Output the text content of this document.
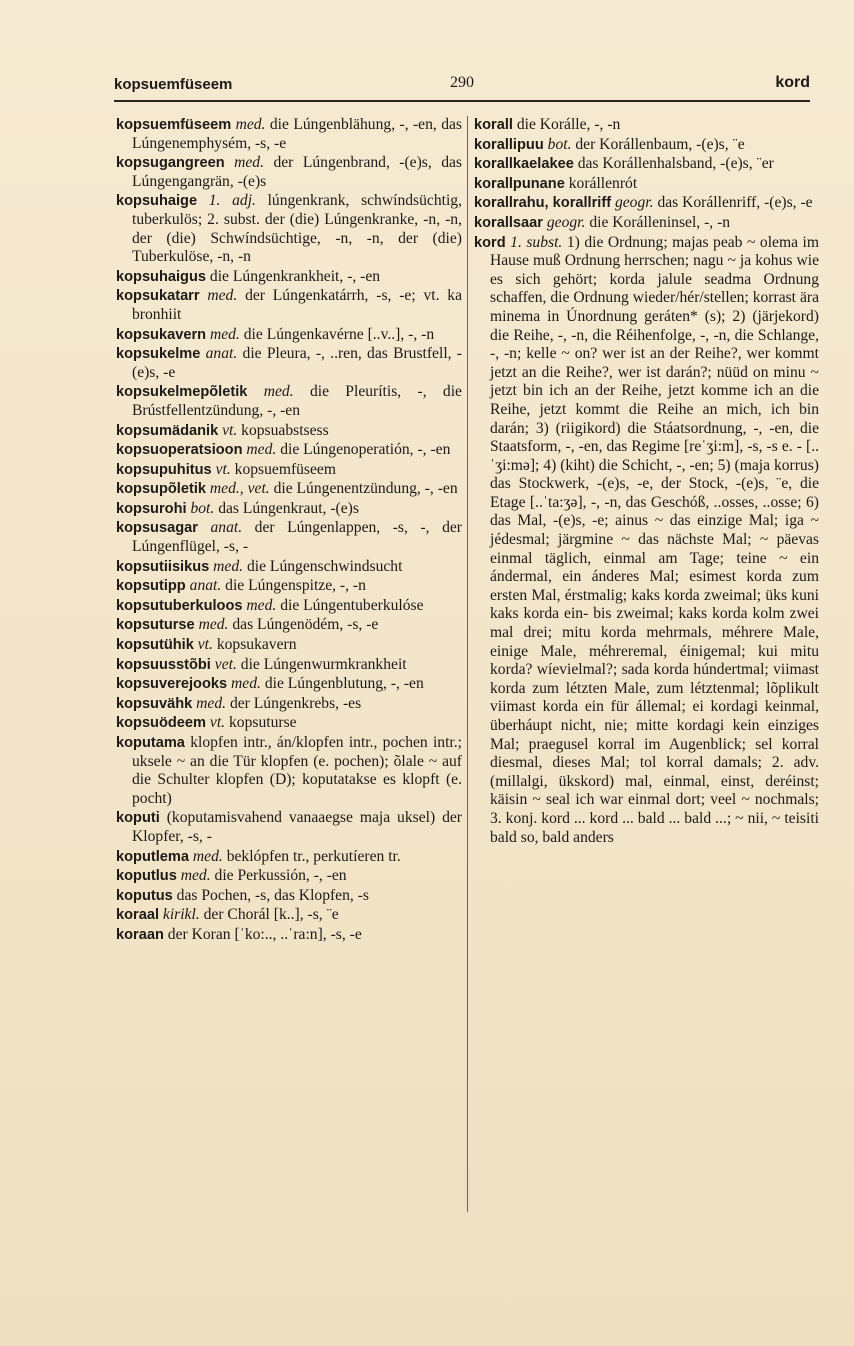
kopsuemfüseem	290	kord

kopsuemfüseem med. die Lúngenblähung, -, -en, das Lúngenemphysém, -s, -e

kopsugangreen med. der Lúngenbrand, -(e)s, das Lúngengangrän, -(e)s

kopsuhaige 1. adj. lúngenkrank, schwíndsüchtig, tuberkulös; 2. subst. der (die) Lúngenkranke, -n, -n, der (die) Schwíndsüchtige, -n, -n, der (die) Tuberkulöse, -n, -n

kopsuhaigus die Lúngenkrankheit, -, -en

kopsukatarr med. der Lúngenkatárrh, -s, -e; vt. ka bronhiit

kopsukavern med. die Lúngenkavérne [..v..], -, -n

kopsukelme anat. die Pleura, -, ..ren, das Brustfell, -(e)s, -e

kopsukelmepõletik med. die Pleurítis, -, die Brústfellentzündung, -, -en

kopsumädanik vt. kopsuabstsess

kopsuoperatsioon med. die Lúngenoperatión, -, -en

kopsupuhitus vt. kopsuemfüseem

kopsupõletik med., vet. die Lúngenentzündung, -, -en

kopsurohi bot. das Lúngenkraut, -(e)s

kopsusagar anat. der Lúngenlappen, -s, -, der Lúngenflügel, -s, -

kopsutiisikus med. die Lúngenschwindsucht

kopsutipp anat. die Lúngenspitze, -, -n

kopsutuberkuloos med. die Lúngentuberkulóse

kopsuturse med. das Lúngenödém, -s, -e

kopsutühik vt. kopsukavern

kopsuusstõbi vet. die Lúngenwurmkrankheit

kopsuverejooks med. die Lúngenblutung, -, -en

kopsuvähk med. der Lúngenkrebs, -es

kopsuödeem vt. kopsuturse

koputama klopfen intr., án/klopfen intr., pochen intr.; uksele ~ an die Tür klopfen (e. pochen); õlale ~ auf die Schulter klopfen (D); koputatakse es klopft (e. pocht)

koputi (koputamisvahend vanaaegse maja uksel) der Klopfer, -s, -

koputlema med. beklópfen tr., perkutíeren tr.

koputlus med. die Perkussión, -, -en

koputus das Pochen, -s, das Klopfen, -s

koraal kirikl. der Chorál [k..], -s, ¨e

koraan der Koran [ˈko:.., ..ˈra:n], -s, -e

korall die Korálle, -, -n

korallipuu bot. der Korállenbaum, -(e)s, ¨e

korallkaelakee das Korállenhalsband, -(e)s, ¨er

korallpunane korállenrót

korallrahu, korallriff geogr. das Korállenriff, -(e)s, -e

korallsaar geogr. die Korálleninsel, -, -n

kord 1. subst. 1) die Ordnung; majas peab ~ olema im Hause muß Ordnung herrschen; nagu ~ ja kohus wie es sich gehört; korda jalule seadma Ordnung schaffen, die Ordnung wieder/hér/stellen; korrast ära minema in Únordnung geráten* (s); 2) (järjekord) die Reihe, -, -n, die Réihenfolge, -, -n, die Schlange, -, -n; kelle ~ on? wer ist an der Reihe?, wer kommt jetzt an die Reihe?, wer ist darán?; nüüd on minu ~ jetzt bin ich an der Reihe, jetzt komme ich an die Reihe, jetzt kommt die Reihe an mich, ich bin darán; 3) (riigikord) die Stáatsordnung, -, -en, die Staatsform, -, -en, das Regime [reˈʒi:m], -s, -s e. - [..ˈʒi:mə]; 4) (kiht) die Schicht, -, -en; 5) (maja korrus) das Stockwerk, -(e)s, -e, der Stock, -(e)s, ¨e, die Etage [..ˈta:ʒə], -, -n, das Geschóß, ..osses, ..osse; 6) das Mal, -(e)s, -e; ainus ~ das einzige Mal; iga ~ jédesmal; järgmine ~ das nächste Mal; ~ päevas einmal täglich, einmal am Tage; teine ~ ein ándermal, ein ánderes Mal; esimest korda zum ersten Mal, érstmalig; kaks korda zweimal; üks kuni kaks korda ein- bis zweimal; kaks korda kolm zwei mal drei; mitu korda mehrmals, méhrere Male, einige Male, méhreremal, éinigemal; kui mitu korda? wíevielmal?; sada korda húndertmal; viimast korda zum létzten Male, zum létztenmal; lõplikult viimast korda ein für állemal; ei kordagi keinmal, überháupt nicht, nie; mitte kordagi kein einziges Mal; praegusel korral im Augenblick; sel korral diesmal, dieses Mal; tol korral damals; 2. adv. (millalgi, ükskord) mal, einmal, einst, deréinst; käisin ~ seal ich war einmal dort; veel ~ nochmals; 3. konj. kord ... kord ... bald ... bald ...; ~ nii, ~ teisiti bald so, bald anders
